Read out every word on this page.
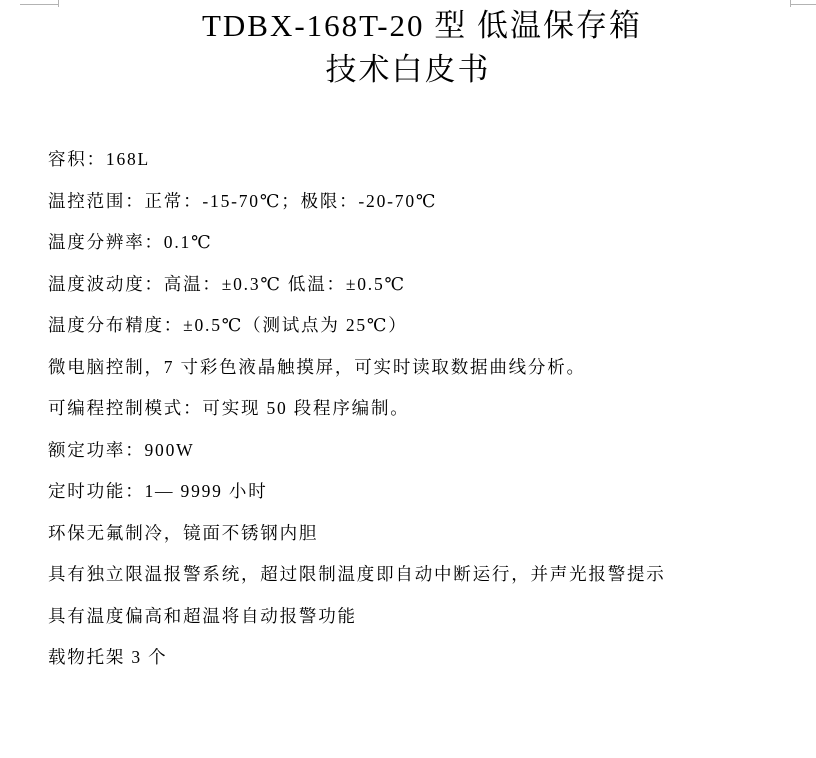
TDBX-168T-20 型 低温保存箱
技术白皮书

容积：168L

温控范围：正常：-15-70℃；极限：-20-70℃

温度分辨率：0.1℃

温度波动度：高温：±0.3℃ 低温：±0.5℃

温度分布精度：±0.5℃（测试点为 25℃）

微电脑控制，7 寸彩色液晶触摸屏，可实时读取数据曲线分析。

可编程控制模式：可实现 50 段程序编制。

额定功率：900W

定时功能：1— 9999 小时

环保无氟制冷，镜面不锈钢内胆

具有独立限温报警系统，超过限制温度即自动中断运行，并声光报警提示

具有温度偏高和超温将自动报警功能

载物托架 3 个
